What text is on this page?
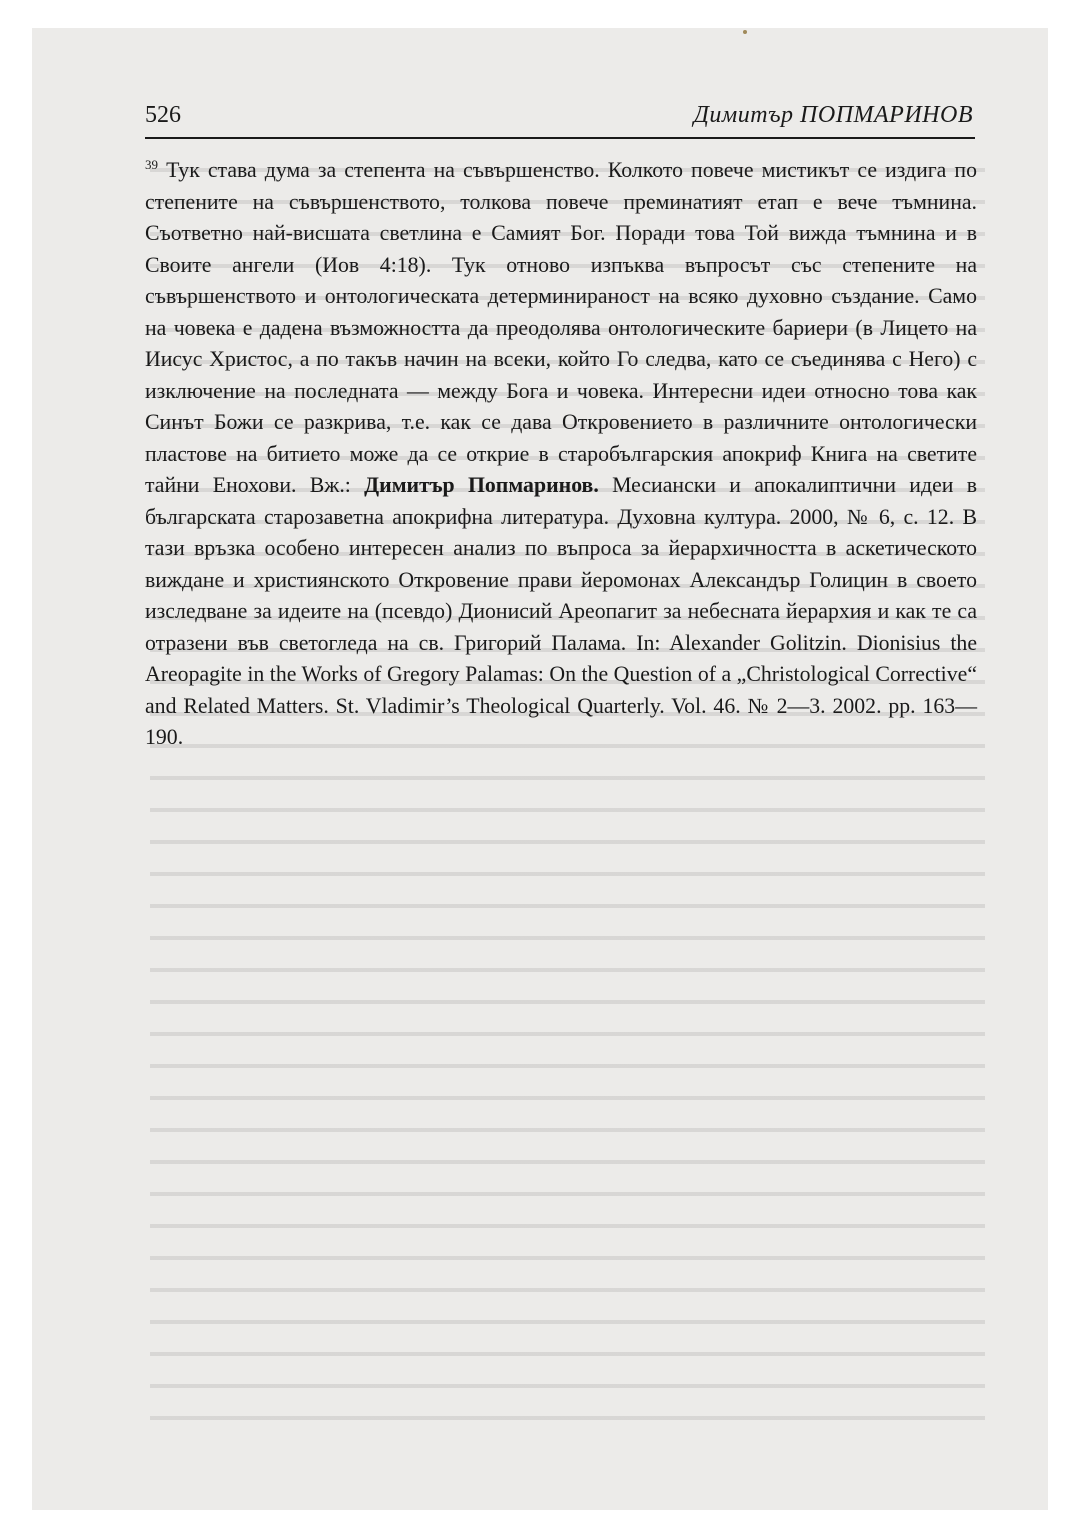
526	Димитър ПОПМАРИНОВ

$^{39}$ Тук става дума за степента на съвършенство. Колкото повече мистикът се издига по степените на съвършенството, толкова повече преминатият етап е вече тъмнина. Съответно най-висшата светлина е Самият Бог. Поради това Той вижда тъмнина и в Своите ангели (Иов 4:18). Тук отново изпъква въпросът със степените на съвършенството и онтологическата детерминираност на всяко духовно създание. Само на човека е дадена възможността да преодолява онтологическите бариери (в Лицето на Иисус Христос, а по такъв начин на всеки, който Го следва, като се съединява с Него) с изключение на последната — между Бога и човека. Интересни идеи относно това как Синът Божи се разкрива, т.е. как се дава Откровението в различните онтологически пластове на битието може да се открие в старобългарския апокриф Книга на светите тайни Енохови. Вж.: Димитър Попмаринов. Месиански и апокалиптични идеи в българската старозаветна апокрифна литература. Духовна култура. 2000, № 6, с. 12. В тази връзка особено интересен анализ по въпроса за йерархичността в аскетическото виждане и християнското Откровение прави йеромонах Александър Голицин в своето изследване за идеите на (псевдо) Дионисий Ареопагит за небесната йерархия и как те са отразени във светогледа на св. Григорий Палама. In: Alexander Golitzin. Dionisius the Areopagite in the Works of Gregory Palamas: On the Question of a „Christological Corrective“ and Related Matters. St. Vladimir’s Theological Quarterly. Vol. 46. № 2—3. 2002. pp. 163—190.
